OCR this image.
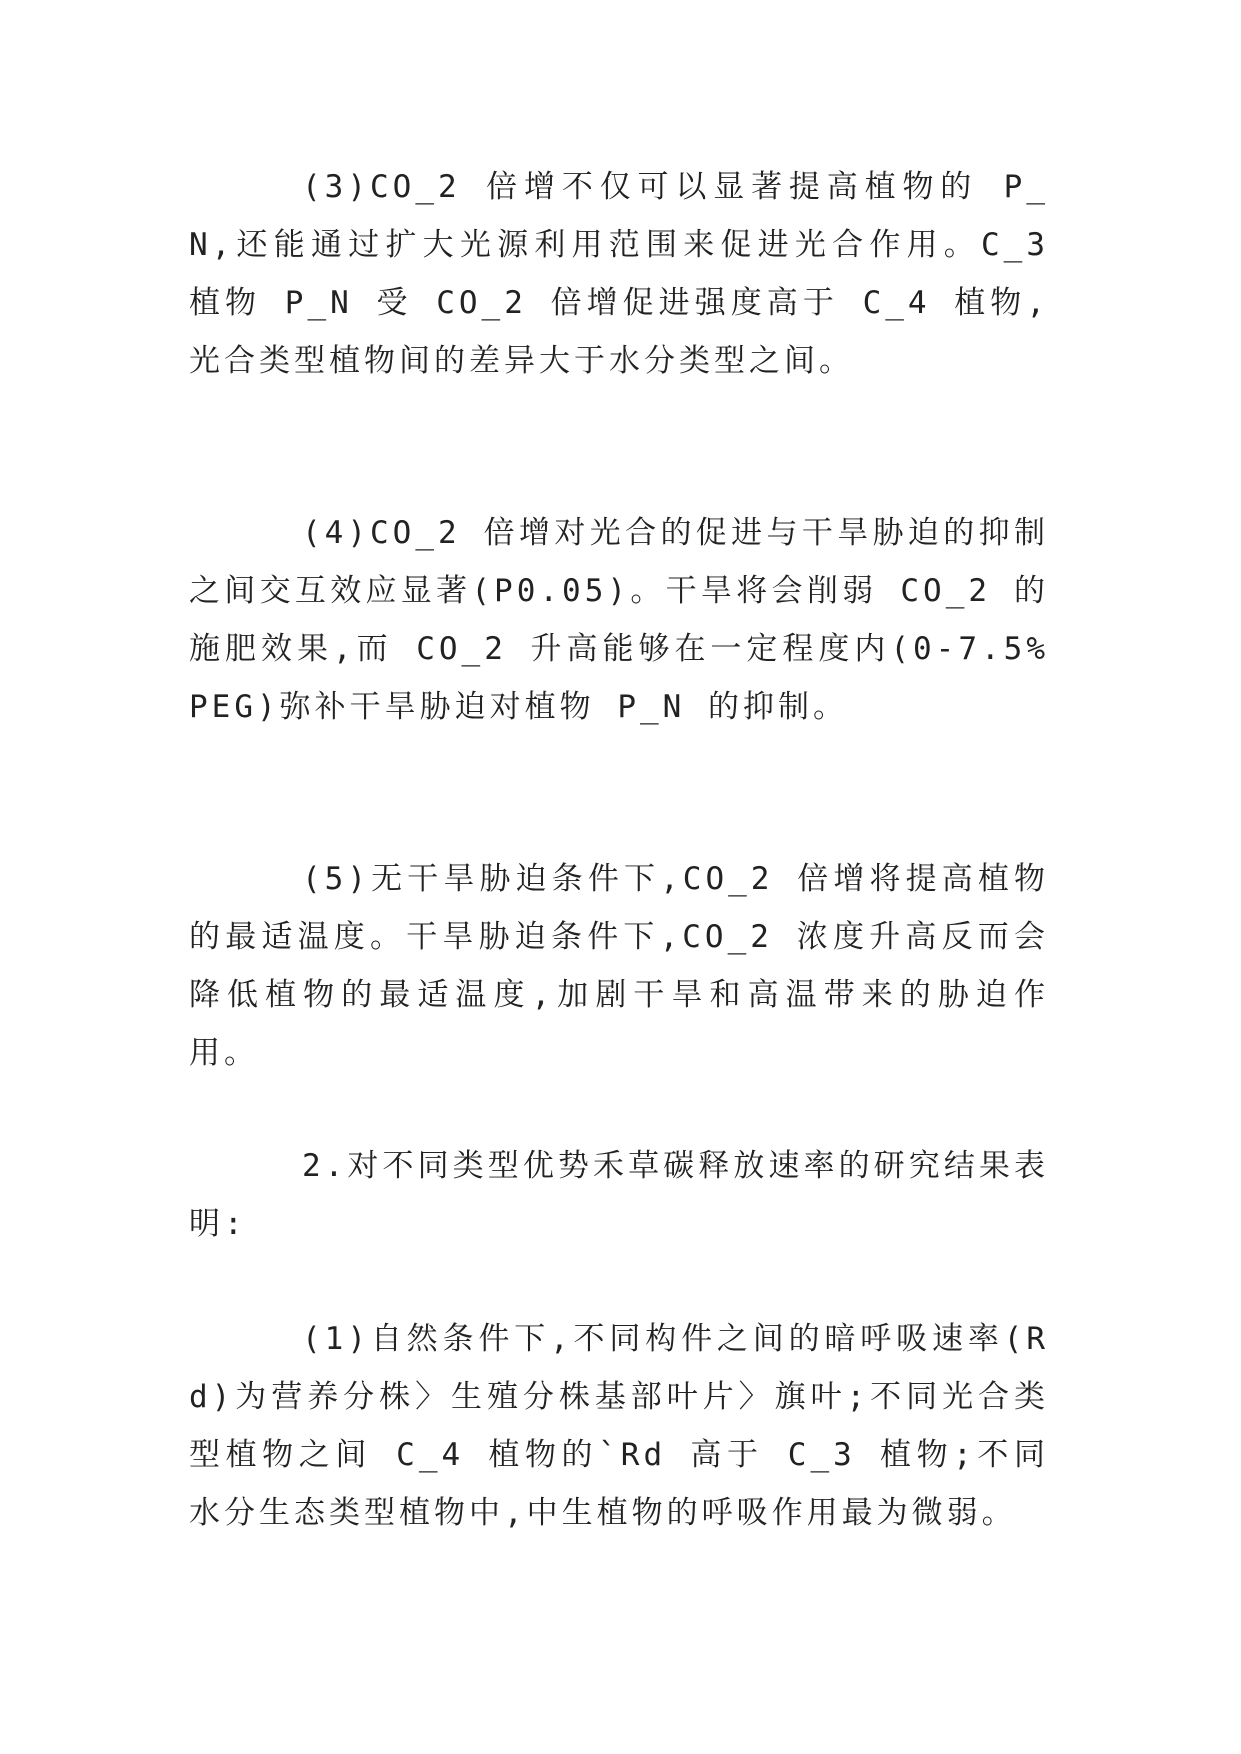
(3)CO_2 倍增不仅可以显著提高植物的 P_N,还能通过扩大光源利用范围来促进光合作用。C_3 植物 P_N 受 CO_2 倍增促进强度高于 C_4 植物,光合类型植物间的差异大于水分类型之间。

(4)CO_2 倍增对光合的促进与干旱胁迫的抑制之间交互效应显著(P0.05)。干旱将会削弱 CO_2 的施肥效果,而 CO_2 升高能够在一定程度内(0-7.5%PEG)弥补干旱胁迫对植物 P_N 的抑制。

(5)无干旱胁迫条件下,CO_2 倍增将提高植物的最适温度。干旱胁迫条件下,CO_2 浓度升高反而会降低植物的最适温度,加剧干旱和高温带来的胁迫作用。

2.对不同类型优势禾草碳释放速率的研究结果表明:

(1)自然条件下,不同构件之间的暗呼吸速率(Rd)为营养分株〉生殖分株基部叶片〉旗叶;不同光合类型植物之间 C_4 植物的`Rd 高于 C_3 植物;不同水分生态类型植物中,中生植物的呼吸作用最为微弱。
